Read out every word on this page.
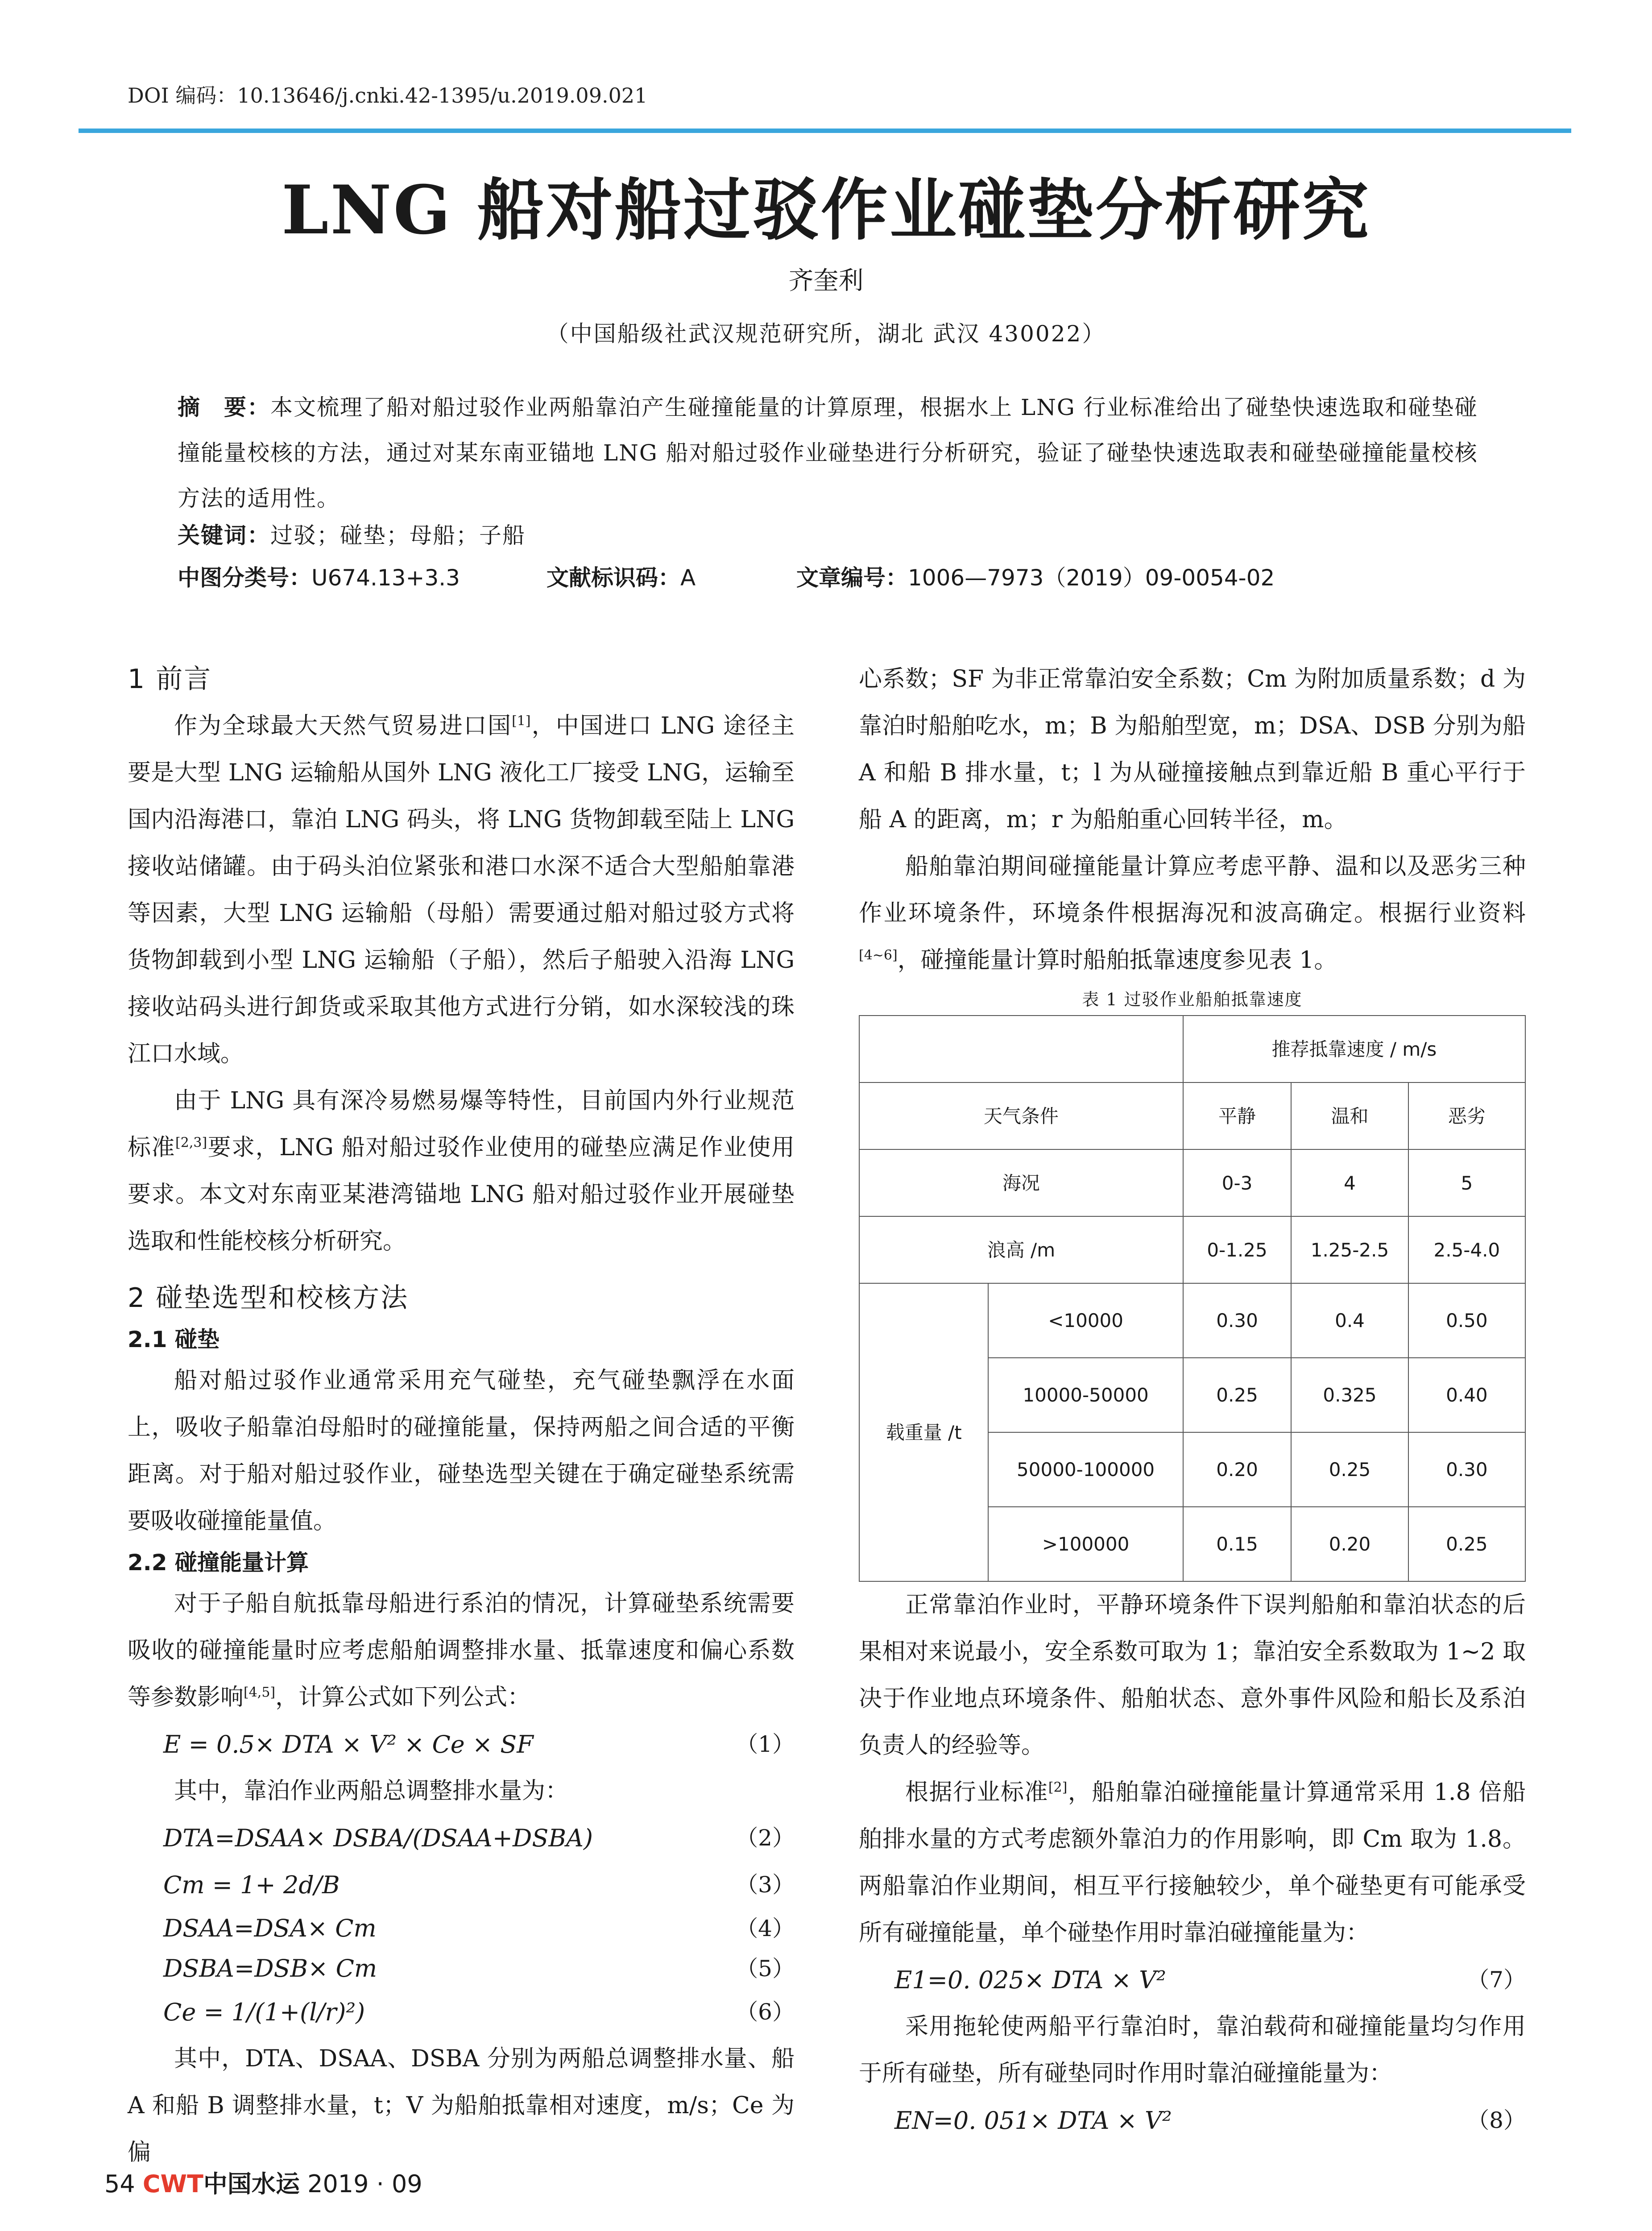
DOI 编码：10.13646/j.cnki.42-1395/u.2019.09.021
LNG 船对船过驳作业碰垫分析研究
齐奎利
（中国船级社武汉规范研究所，湖北 武汉 430022）
摘　要：本文梳理了船对船过驳作业两船靠泊产生碰撞能量的计算原理，根据水上 LNG 行业标准给出了碰垫快速选取和碰垫碰撞能量校核的方法，通过对某东南亚锚地 LNG 船对船过驳作业碰垫进行分析研究，验证了碰垫快速选取表和碰垫碰撞能量校核方法的适用性。
关键词：过驳；碰垫；母船；子船
中图分类号：U674.13+3.3	文献标识码：A	文章编号：1006—7973（2019）09-0054-02
1 前言

作为全球最大天然气贸易进口国[1]，中国进口 LNG 途径主要是大型 LNG 运输船从国外 LNG 液化工厂接受 LNG，运输至国内沿海港口，靠泊 LNG 码头，将 LNG 货物卸载至陆上 LNG 接收站储罐。由于码头泊位紧张和港口水深不适合大型船舶靠港等因素，大型 LNG 运输船（母船）需要通过船对船过驳方式将货物卸载到小型 LNG 运输船（子船），然后子船驶入沿海 LNG 接收站码头进行卸货或采取其他方式进行分销，如水深较浅的珠江口水域。

由于 LNG 具有深冷易燃易爆等特性，目前国内外行业规范标准[2,3]要求，LNG 船对船过驳作业使用的碰垫应满足作业使用要求。本文对东南亚某港湾锚地 LNG 船对船过驳作业开展碰垫选取和性能校核分析研究。

2 碰垫选型和校核方法
2.1 碰垫

船对船过驳作业通常采用充气碰垫，充气碰垫飘浮在水面上，吸收子船靠泊母船时的碰撞能量，保持两船之间合适的平衡距离。对于船对船过驳作业，碰垫选型关键在于确定碰垫系统需要吸收碰撞能量值。

2.2 碰撞能量计算

对于子船自航抵靠母船进行系泊的情况，计算碰垫系统需要吸收的碰撞能量时应考虑船舶调整排水量、抵靠速度和偏心系数等参数影响[4,5]，计算公式如下列公式：

E = 0.5× DTA × V² × Ce × SF	（1）

其中，靠泊作业两船总调整排水量为：

DTA=DSAA× DSBA/(DSAA+DSBA)	（2）
Cm = 1+ 2d/B	（3）
DSAA=DSA× Cm	（4）
DSBA=DSB× Cm	（5）
Ce = 1/(1+(l/r)²)	（6）

其中，DTA、DSAA、DSBA 分别为两船总调整排水量、船 A 和船 B 调整排水量，t；V 为船舶抵靠相对速度，m/s；Ce 为偏

心系数；SF 为非正常靠泊安全系数；Cm 为附加质量系数；d 为靠泊时船舶吃水，m；B 为船舶型宽，m；DSA、DSB 分别为船 A 和船 B 排水量，t；l 为从碰撞接触点到靠近船 B 重心平行于船 A 的距离，m；r 为船舶重心回转半径，m。

船舶靠泊期间碰撞能量计算应考虑平静、温和以及恶劣三种作业环境条件，环境条件根据海况和波高确定。根据行业资料[4~6]，碰撞能量计算时船舶抵靠速度参见表 1。

表 1 过驳作业船舶抵靠速度
		推荐抵靠速度 / m/s		
天气条件		平静	温和	恶劣
海况		0-3	4	5
浪高 /m		0-1.25	1.25-2.5	2.5-4.0
载重量 /t	<10000	0.30	0.4	0.50
	10000-50000	0.25	0.325	0.40
	50000-100000	0.20	0.25	0.30
	>100000	0.15	0.20	0.25

正常靠泊作业时，平静环境条件下误判船舶和靠泊状态的后果相对来说最小，安全系数可取为 1；靠泊安全系数取为 1~2 取决于作业地点环境条件、船舶状态、意外事件风险和船长及系泊负责人的经验等。

根据行业标准[2]，船舶靠泊碰撞能量计算通常采用 1.8 倍船舶排水量的方式考虑额外靠泊力的作用影响，即 Cm 取为 1.8。两船靠泊作业期间，相互平行接触较少，单个碰垫更有可能承受所有碰撞能量，单个碰垫作用时靠泊碰撞能量为：

E1=0. 025× DTA × V²	（7）

采用拖轮使两船平行靠泊时，靠泊载荷和碰撞能量均匀作用于所有碰垫，所有碰垫同时作用时靠泊碰撞能量为：

EN=0. 051× DTA × V²	（8）
54 CWT中国水运 2019 · 09
